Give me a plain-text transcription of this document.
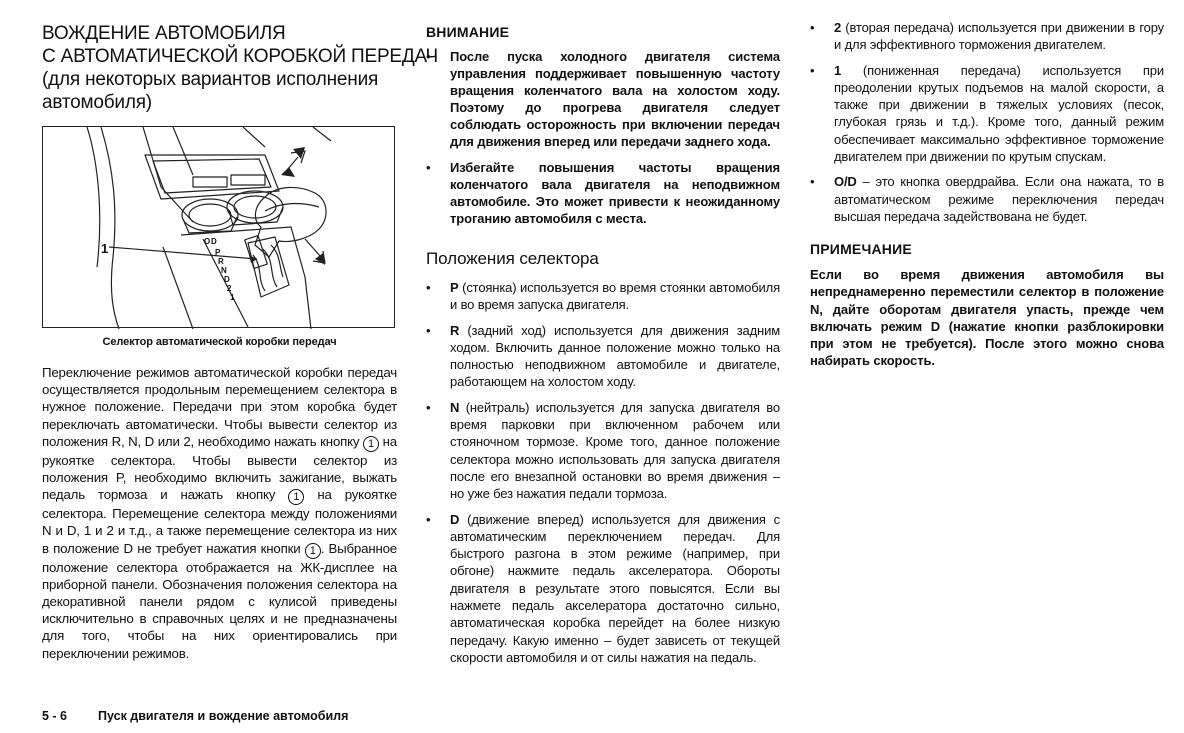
ВОЖДЕНИЕ АВТОМОБИЛЯ
С АВТОМАТИЧЕСКОЙ КОРОБКОЙ ПЕРЕДАЧ
(для некоторых вариантов исполнения
автомобиля)
1	O D
P
R
N
D
2
1
Селектор автоматической коробки передач
Переключение режимов автоматической коробки передач осуществляется продольным перемещением селектора в нужное положение. Передачи при этом коробка будет переключать автоматически. Чтобы вывести селектор из положения R, N, D или 2, необходимо нажать кнопку 1 на рукоятке селектора. Чтобы вывести селектор из положения P, необходимо включить зажигание, выжать педаль тормоза и нажать кнопку 1 на рукоятке селектора. Перемещение селектора между положениями N и D, 1 и 2 и т.д., а также перемещение селектора из них в положение D не требует нажатия кнопки 1 . Выбранное положение селектора отображается на ЖК-дисплее на приборной панели. Обозначения положения селектора на декоративной панели рядом с кулисой приведены исключительно в справочных целях и не предназначены для того, чтобы на них ориентировались при переключении режимов.
ВНИМАНИЕ
• После пуска холодного двигателя система управления поддерживает повышенную частоту вращения коленчатого вала на холостом ходу. Поэтому до прогрева двигателя следует соблюдать осторожность при включении передач для движения вперед или передачи заднего хода.
• Избегайте повышения частоты вращения коленчатого вала двигателя на неподвижном автомобиле. Это может привести к неожиданному троганию автомобиля с места.
Положения селектора
• P (стоянка) используется во время стоянки автомобиля и во время запуска двигателя.
• R (задний ход) используется для движения задним ходом. Включить данное положение можно только на полностью неподвижном автомобиле и двигателе, работающем на холостом ходу.
• N (нейтраль) используется для запуска двигателя во время парковки при включенном рабочем или стояночном тормозе. Кроме того, данное положение селектора можно использовать для запуска двигателя после его внезапной остановки во время движения – но уже без нажатия педали тормоза.
• D (движение вперед) используется для движения с автоматическим переключением передач. Для быстрого разгона в этом режиме (например, при обгоне) нажмите педаль акселератора. Обороты двигателя в результате этого повысятся. Если вы нажмете педаль акселератора достаточно сильно, автоматическая коробка перейдет на более низкую передачу. Какую именно – будет зависеть от текущей скорости автомобиля и от силы нажатия на педаль.
• 2 (вторая передача) используется при движении в гору и для эффективного торможения двигателем.
• 1 (пониженная передача) используется при преодолении крутых подъемов на малой скорости, а также при движении в тяжелых условиях (песок, глубокая грязь и т.д.). Кроме того, данный режим обеспечивает максимально эффективное торможение двигателем при движении по крутым спускам.
• O/D – это кнопка овердрайва. Если она нажата, то в автоматическом режиме переключения передач высшая передача задействована не будет.
ПРИМЕЧАНИЕ
Если во время движения автомобиля вы непреднамеренно переместили селектор в положение N, дайте оборотам двигателя упасть, прежде чем включать режим D (нажатие кнопки разблокировки при этом не требуется). После этого можно снова набирать скорость.
5 - 6 Пуск двигателя и вождение автомобиля
